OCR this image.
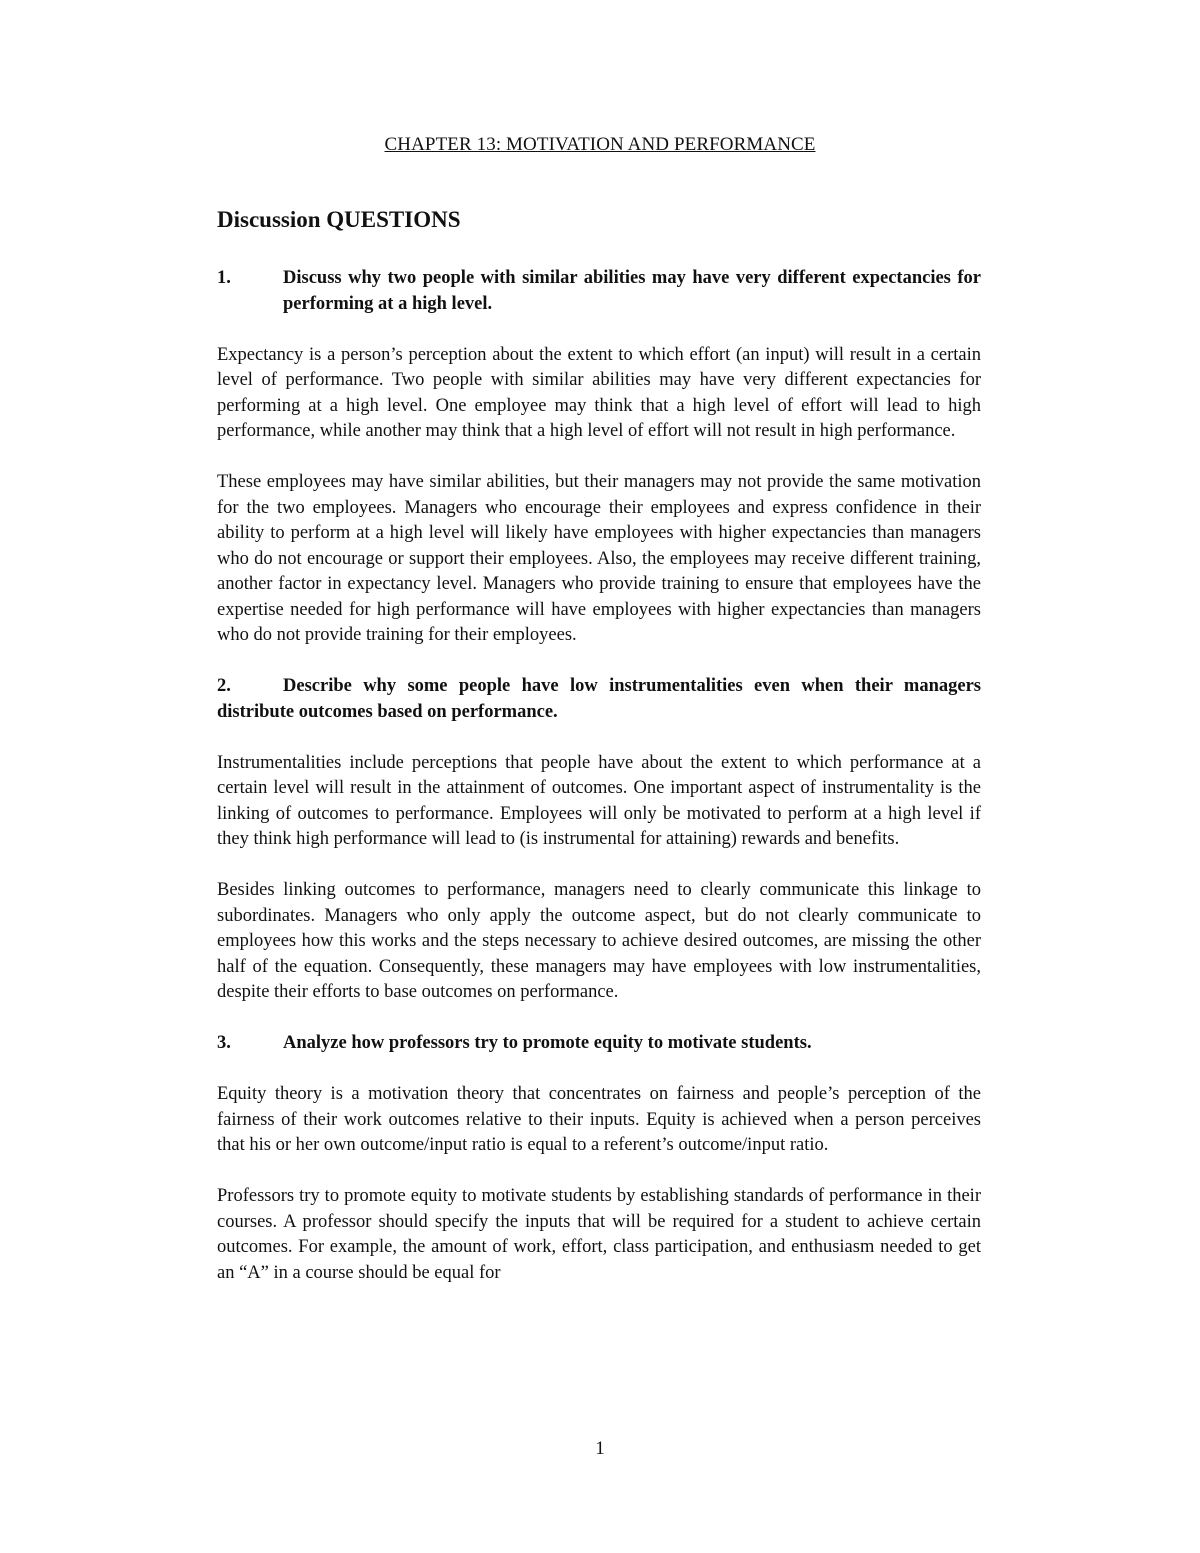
CHAPTER 13: MOTIVATION AND PERFORMANCE
Discussion QUESTIONS
1.	Discuss why two people with similar abilities may have very different expectancies for performing at a high level.

Expectancy is a person’s perception about the extent to which effort (an input) will result in a certain level of performance. Two people with similar abilities may have very different expectancies for performing at a high level. One employee may think that a high level of effort will lead to high performance, while another may think that a high level of effort will not result in high performance.

These employees may have similar abilities, but their managers may not provide the same motivation for the two employees. Managers who encourage their employees and express confidence in their ability to perform at a high level will likely have employees with higher expectancies than managers who do not encourage or support their employees. Also, the employees may receive different training, another factor in expectancy level. Managers who provide training to ensure that employees have the expertise needed for high performance will have employees with higher expectancies than managers who do not provide training for their employees.

2.	Describe why some people have low instrumentalities even when their managers distribute outcomes based on performance.

Instrumentalities include perceptions that people have about the extent to which performance at a certain level will result in the attainment of outcomes. One important aspect of instrumentality is the linking of outcomes to performance. Employees will only be motivated to perform at a high level if they think high performance will lead to (is instrumental for attaining) rewards and benefits.

Besides linking outcomes to performance, managers need to clearly communicate this linkage to subordinates. Managers who only apply the outcome aspect, but do not clearly communicate to employees how this works and the steps necessary to achieve desired outcomes, are missing the other half of the equation. Consequently, these managers may have employees with low instrumentalities, despite their efforts to base outcomes on performance.

3.	Analyze how professors try to promote equity to motivate students.

Equity theory is a motivation theory that concentrates on fairness and people’s perception of the fairness of their work outcomes relative to their inputs. Equity is achieved when a person perceives that his or her own outcome/input ratio is equal to a referent’s outcome/input ratio.

Professors try to promote equity to motivate students by establishing standards of performance in their courses. A professor should specify the inputs that will be required for a student to achieve certain outcomes. For example, the amount of work, effort, class participation, and enthusiasm needed to get an “A” in a course should be equal for

1
